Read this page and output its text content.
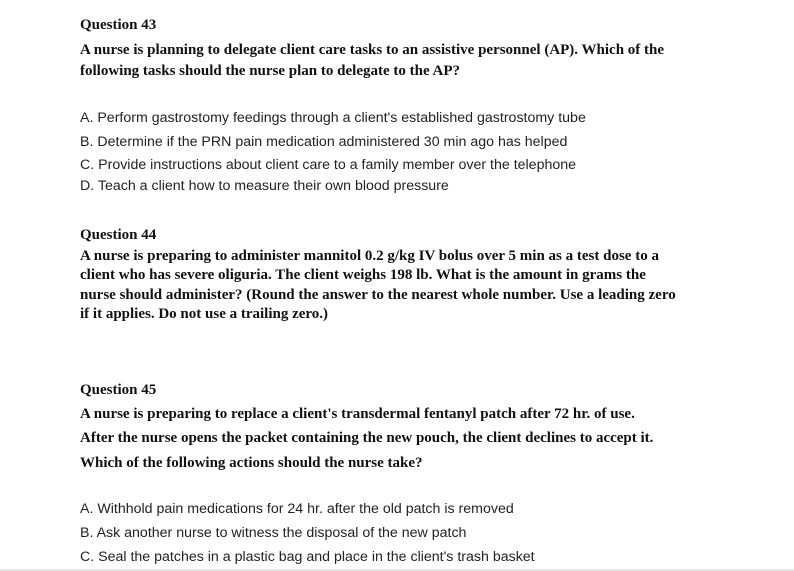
Question 43
A nurse is planning to delegate client care tasks to an assistive personnel (AP). Which of the
following tasks should the nurse plan to delegate to the AP?
A. Perform gastrostomy feedings through a client's established gastrostomy tube
B. Determine if the PRN pain medication administered 30 min ago has helped
C. Provide instructions about client care to a family member over the telephone
D. Teach a client how to measure their own blood pressure
Question 44
A nurse is preparing to administer mannitol 0.2 g/kg IV bolus over 5 min as a test dose to a
client who has severe oliguria. The client weighs 198 lb. What is the amount in grams the
nurse should administer? (Round the answer to the nearest whole number. Use a leading zero
if it applies. Do not use a trailing zero.)
Question 45
A nurse is preparing to replace a client's transdermal fentanyl patch after 72 hr. of use.
After the nurse opens the packet containing the new pouch, the client declines to accept it.
Which of the following actions should the nurse take?
A. Withhold pain medications for 24 hr. after the old patch is removed
B. Ask another nurse to witness the disposal of the new patch
C. Seal the patches in a plastic bag and place in the client's trash basket
